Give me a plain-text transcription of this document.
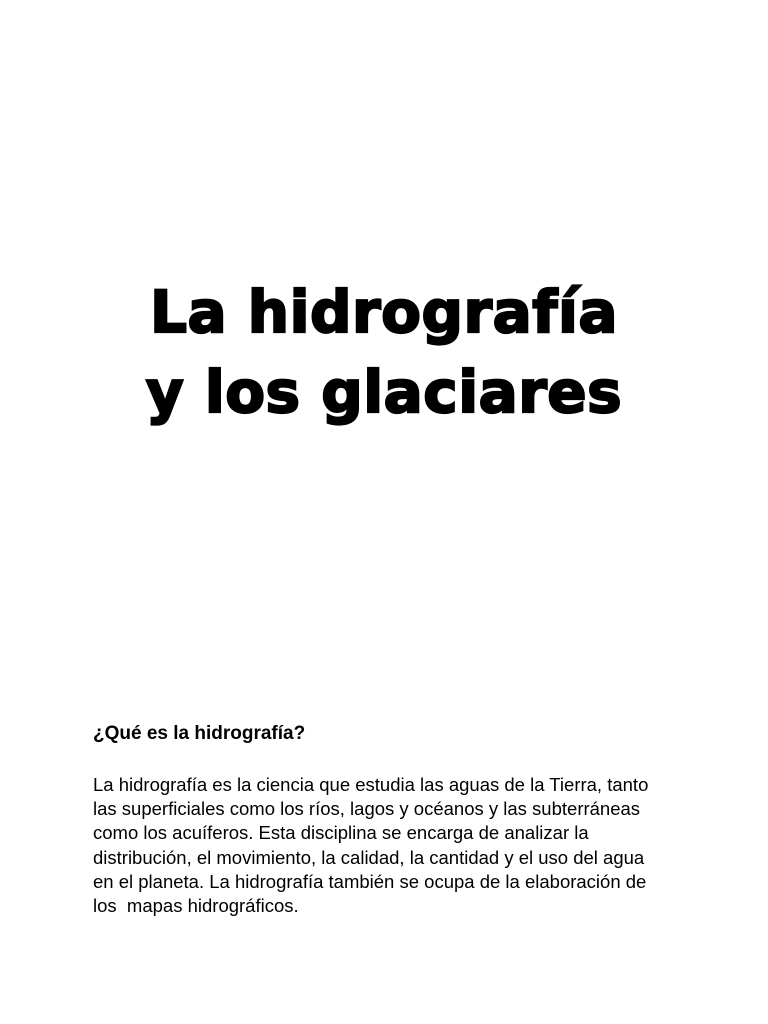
La hidrografía
y los glaciares
¿Qué es la hidrografía?

La hidrografía es la ciencia que estudia las aguas de la Tierra, tanto
las superficiales como los ríos, lagos y océanos y las subterráneas
como los acuíferos. Esta disciplina se encarga de analizar la
distribución, el movimiento, la calidad, la cantidad y el uso del agua
en el planeta. La hidrografía también se ocupa de la elaboración de
los  mapas hidrográficos.
